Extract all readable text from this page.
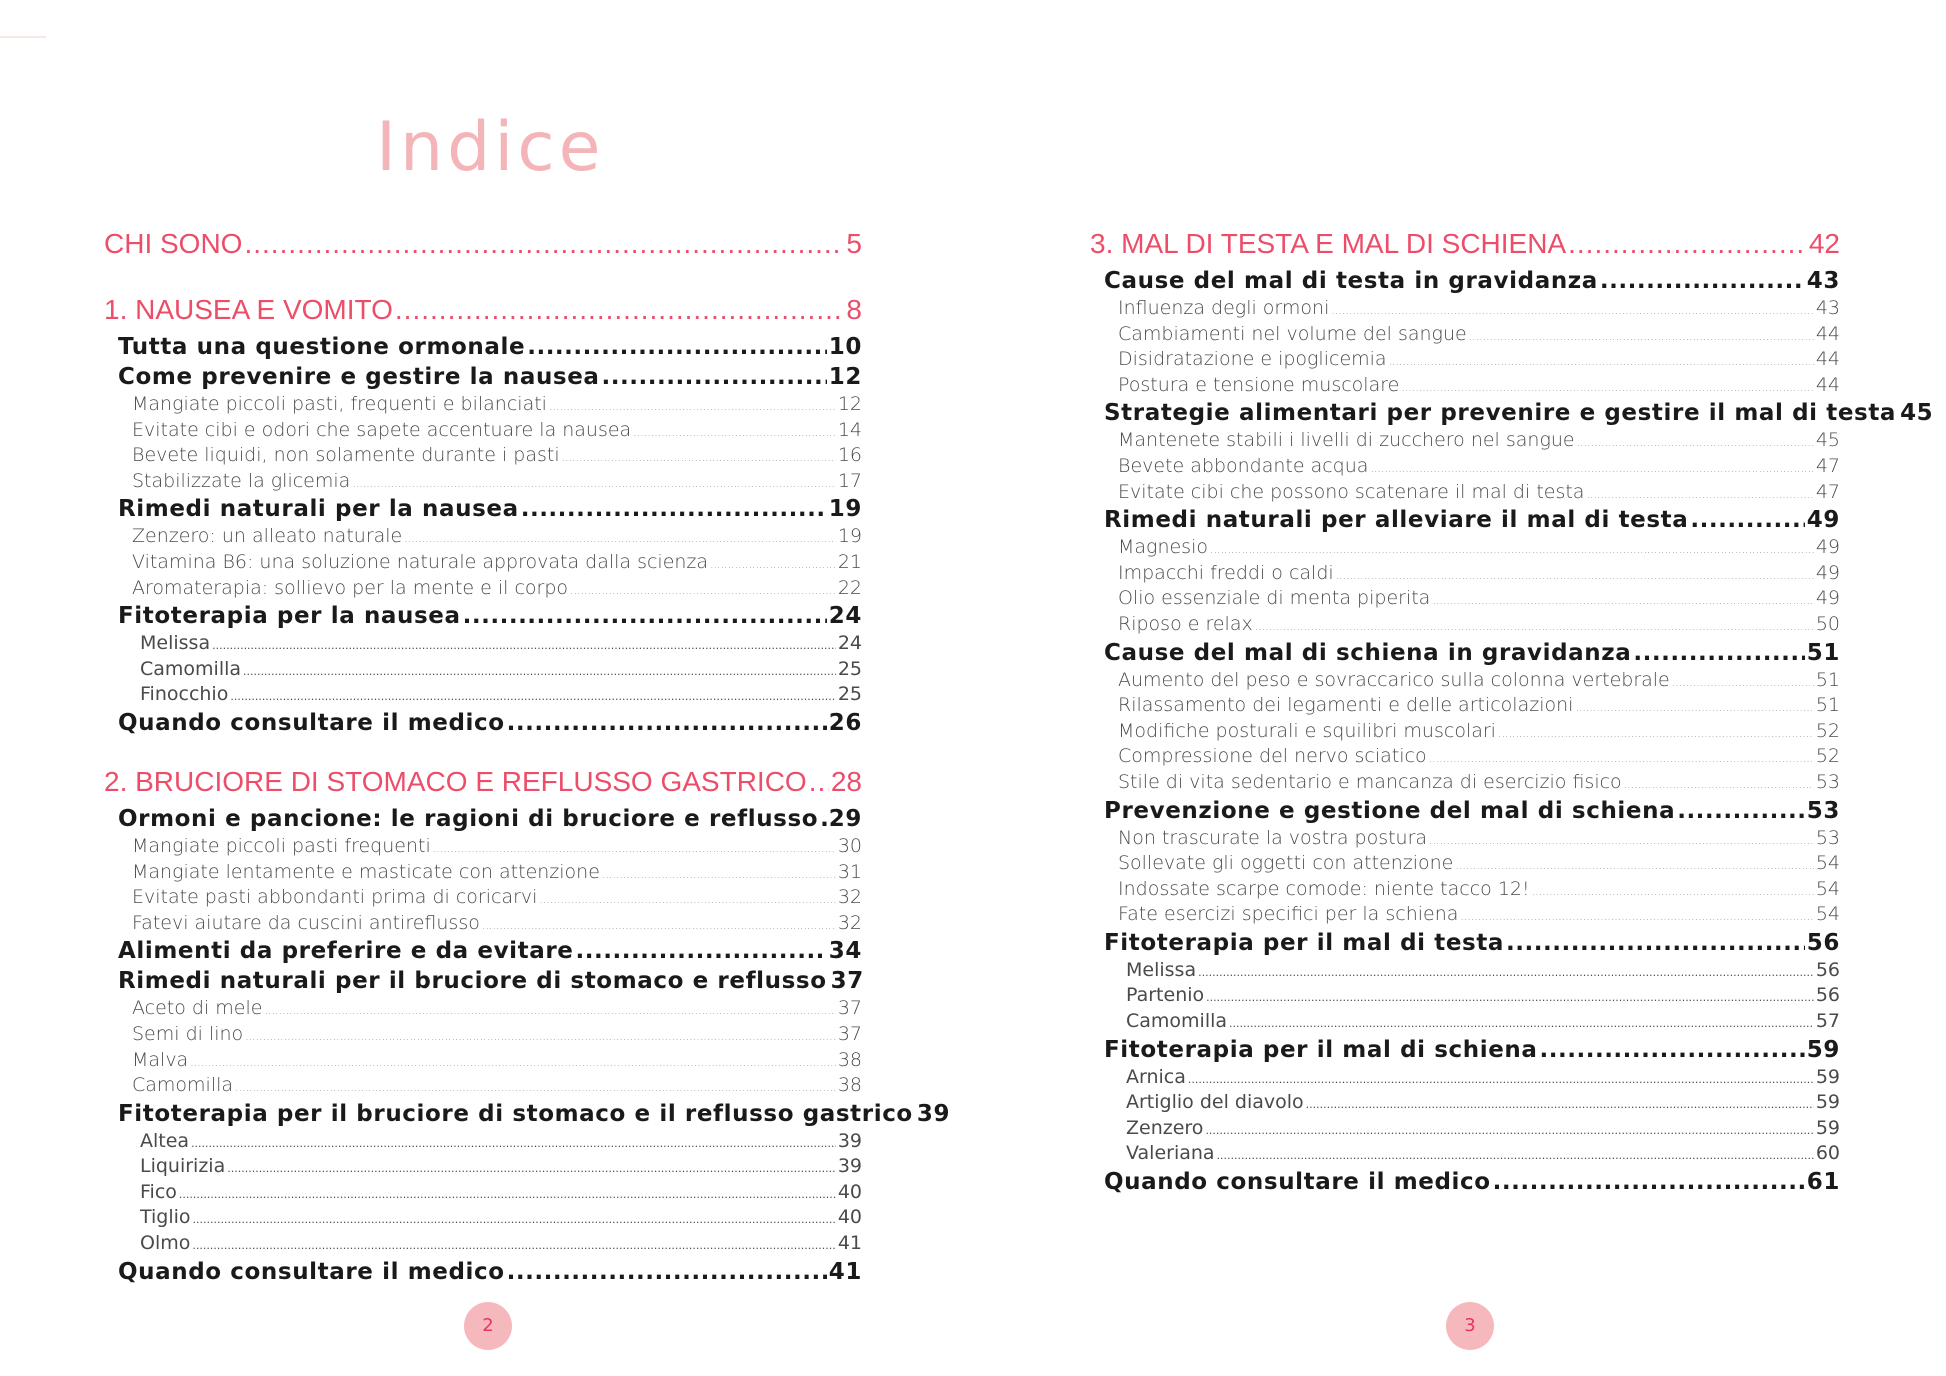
Indice
CHI SONO .....	5
1. NAUSEA E VOMITO .....	8
Tutta una questione ormonale .....	10
Come prevenire e gestire la nausea .....	12
Mangiate piccoli pasti, frequenti e bilanciati .....	12
Evitate cibi e odori che sapete accentuare la nausea .....	14
Bevete liquidi, non solamente durante i pasti .....	16
Stabilizzate la glicemia .....	17
Rimedi naturali per la nausea .....	19
Zenzero: un alleato naturale .....	19
Vitamina B6: una soluzione naturale approvata dalla scienza .....	21
Aromaterapia: sollievo per la mente e il corpo .....	22
Fitoterapia per la nausea .....	24
Melissa .....	24
Camomilla .....	25
Finocchio .....	25
Quando consultare il medico .....	26
2. BRUCIORE DI STOMACO E REFLUSSO GASTRICO ..... 28
Ormoni e pancione: le ragioni di bruciore e reflusso ..... 29
Mangiate piccoli pasti frequenti .....	30
Mangiate lentamente e masticate con attenzione .....	31
Evitate pasti abbondanti prima di coricarvi .....	32
Fatevi aiutare da cuscini antireflusso .....	32
Alimenti da preferire e da evitare .....	34
Rimedi naturali per il bruciore di stomaco e reflusso 37
Aceto di mele .....	37
Semi di lino .....	37
Malva .....	38
Camomilla .....	38
Fitoterapia per il bruciore di stomaco e il reflusso gastrico 39
Altea .....	39
Liquirizia .....	39
Fico .....	40
Tiglio .....	40
Olmo .....	41
Quando consultare il medico .....	41
3. MAL DI TESTA E MAL DI SCHIENA .....	42
Cause del mal di testa in gravidanza .....	43
Influenza degli ormoni .....	43
Cambiamenti nel volume del sangue .....	44
Disidratazione e ipoglicemia .....	44
Postura e tensione muscolare .....	44
Strategie alimentari per prevenire e gestire il mal di testa 45
Mantenete stabili i livelli di zucchero nel sangue .....	45
Bevete abbondante acqua .....	47
Evitate cibi che possono scatenare il mal di testa .....	47
Rimedi naturali per alleviare il mal di testa .....	49
Magnesio .....	49
Impacchi freddi o caldi .....	49
Olio essenziale di menta piperita .....	49
Riposo e relax .....	50
Cause del mal di schiena in gravidanza .....	51
Aumento del peso e sovraccarico sulla colonna vertebrale .....	51
Rilassamento dei legamenti e delle articolazioni .....	51
Modifiche posturali e squilibri muscolari .....	52
Compressione del nervo sciatico .....	52
Stile di vita sedentario e mancanza di esercizio fisico .....	53
Prevenzione e gestione del mal di schiena .....	53
Non trascurate la vostra postura .....	53
Sollevate gli oggetti con attenzione .....	54
Indossate scarpe comode: niente tacco 12! .....	54
Fate esercizi specifici per la schiena .....	54
Fitoterapia per il mal di testa .....	56
Melissa .....	56
Partenio .....	56
Camomilla .....	57
Fitoterapia per il mal di schiena .....	59
Arnica .....	59
Artiglio del diavolo .....	59
Zenzero .....	59
Valeriana .....	60
Quando consultare il medico .....	61
2	3
